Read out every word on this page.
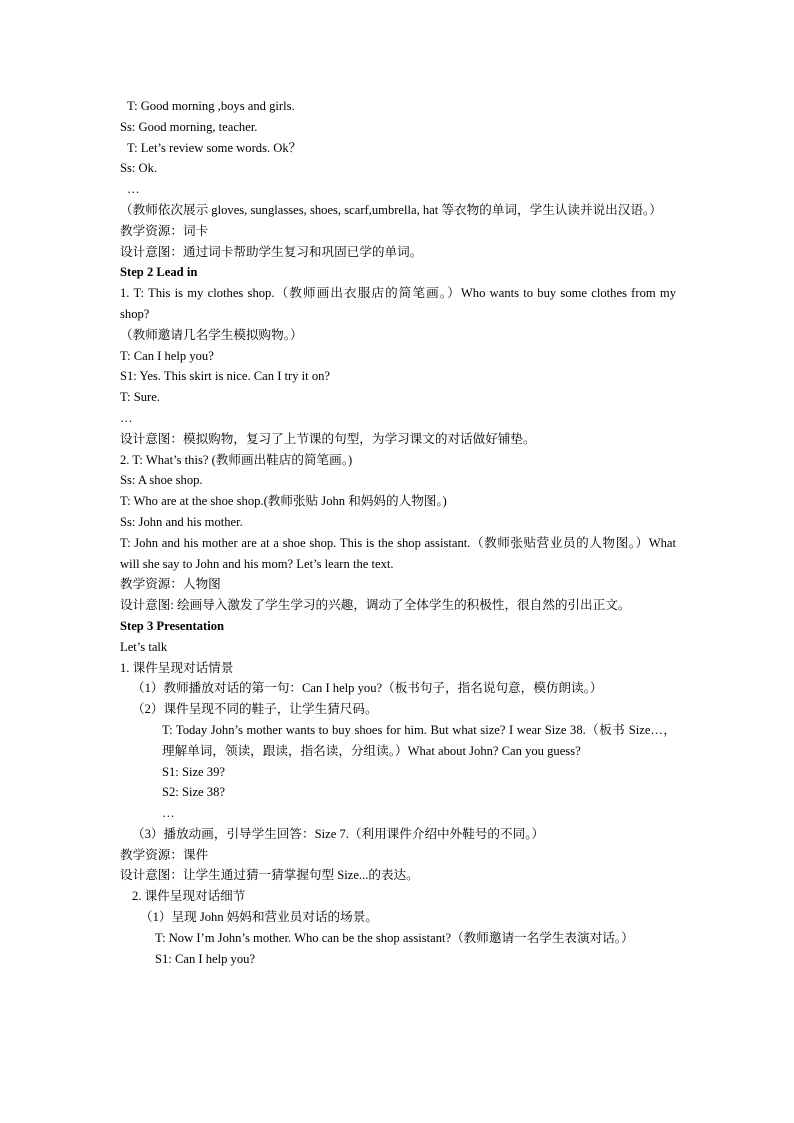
T: Good morning ,boys and girls.

Ss: Good morning, teacher.

T: Let’s review some words. Ok？

Ss: Ok.

…

（教师依次展示 gloves, sunglasses, shoes, scarf,umbrella, hat 等衣物的单词，学生认读并说出汉语。）

教学资源：词卡

设计意图：通过词卡帮助学生复习和巩固已学的单词。

Step 2 Lead in

1. T: This is my clothes shop.（教师画出衣服店的简笔画。）Who wants to buy some clothes from my shop?

（教师邀请几名学生模拟购物。）

T: Can I help you?

S1: Yes. This skirt is nice. Can I try it on?

T: Sure.

…

设计意图：模拟购物，复习了上节课的句型，为学习课文的对话做好铺垫。

2. T: What’s this? (教师画出鞋店的简笔画。)

Ss: A shoe shop.

T: Who are at the shoe shop.(教师张贴 John 和妈妈的人物图。)

Ss: John and his mother.

T: John and his mother are at a shoe shop. This is the shop assistant.（教师张贴营业员的人物图。）What will she say to John and his mom? Let’s learn the text.

教学资源：人物图

设计意图: 绘画导入激发了学生学习的兴趣，调动了全体学生的积极性，很自然的引出正文。

Step 3 Presentation

Let’s talk

1. 课件呈现对话情景

（1）教师播放对话的第一句：Can I help you?（板书句子，指名说句意，模仿朗读。）

（2）课件呈现不同的鞋子，让学生猜尺码。

T: Today John’s mother wants to buy shoes for him. But what size? I wear Size 38.（板书 Size…，理解单词，领读，跟读，指名读，分组读。）What about John? Can you guess?

S1: Size 39?

S2: Size 38?

…

（3）播放动画，引导学生回答：Size 7.（利用课件介绍中外鞋号的不同。）

教学资源：课件

设计意图：让学生通过猜一猜掌握句型 Size...的表达。

2. 课件呈现对话细节

（1）呈现 John 妈妈和营业员对话的场景。

T: Now I’m John’s mother. Who can be the shop assistant?（教师邀请一名学生表演对话。）

S1: Can I help you?
